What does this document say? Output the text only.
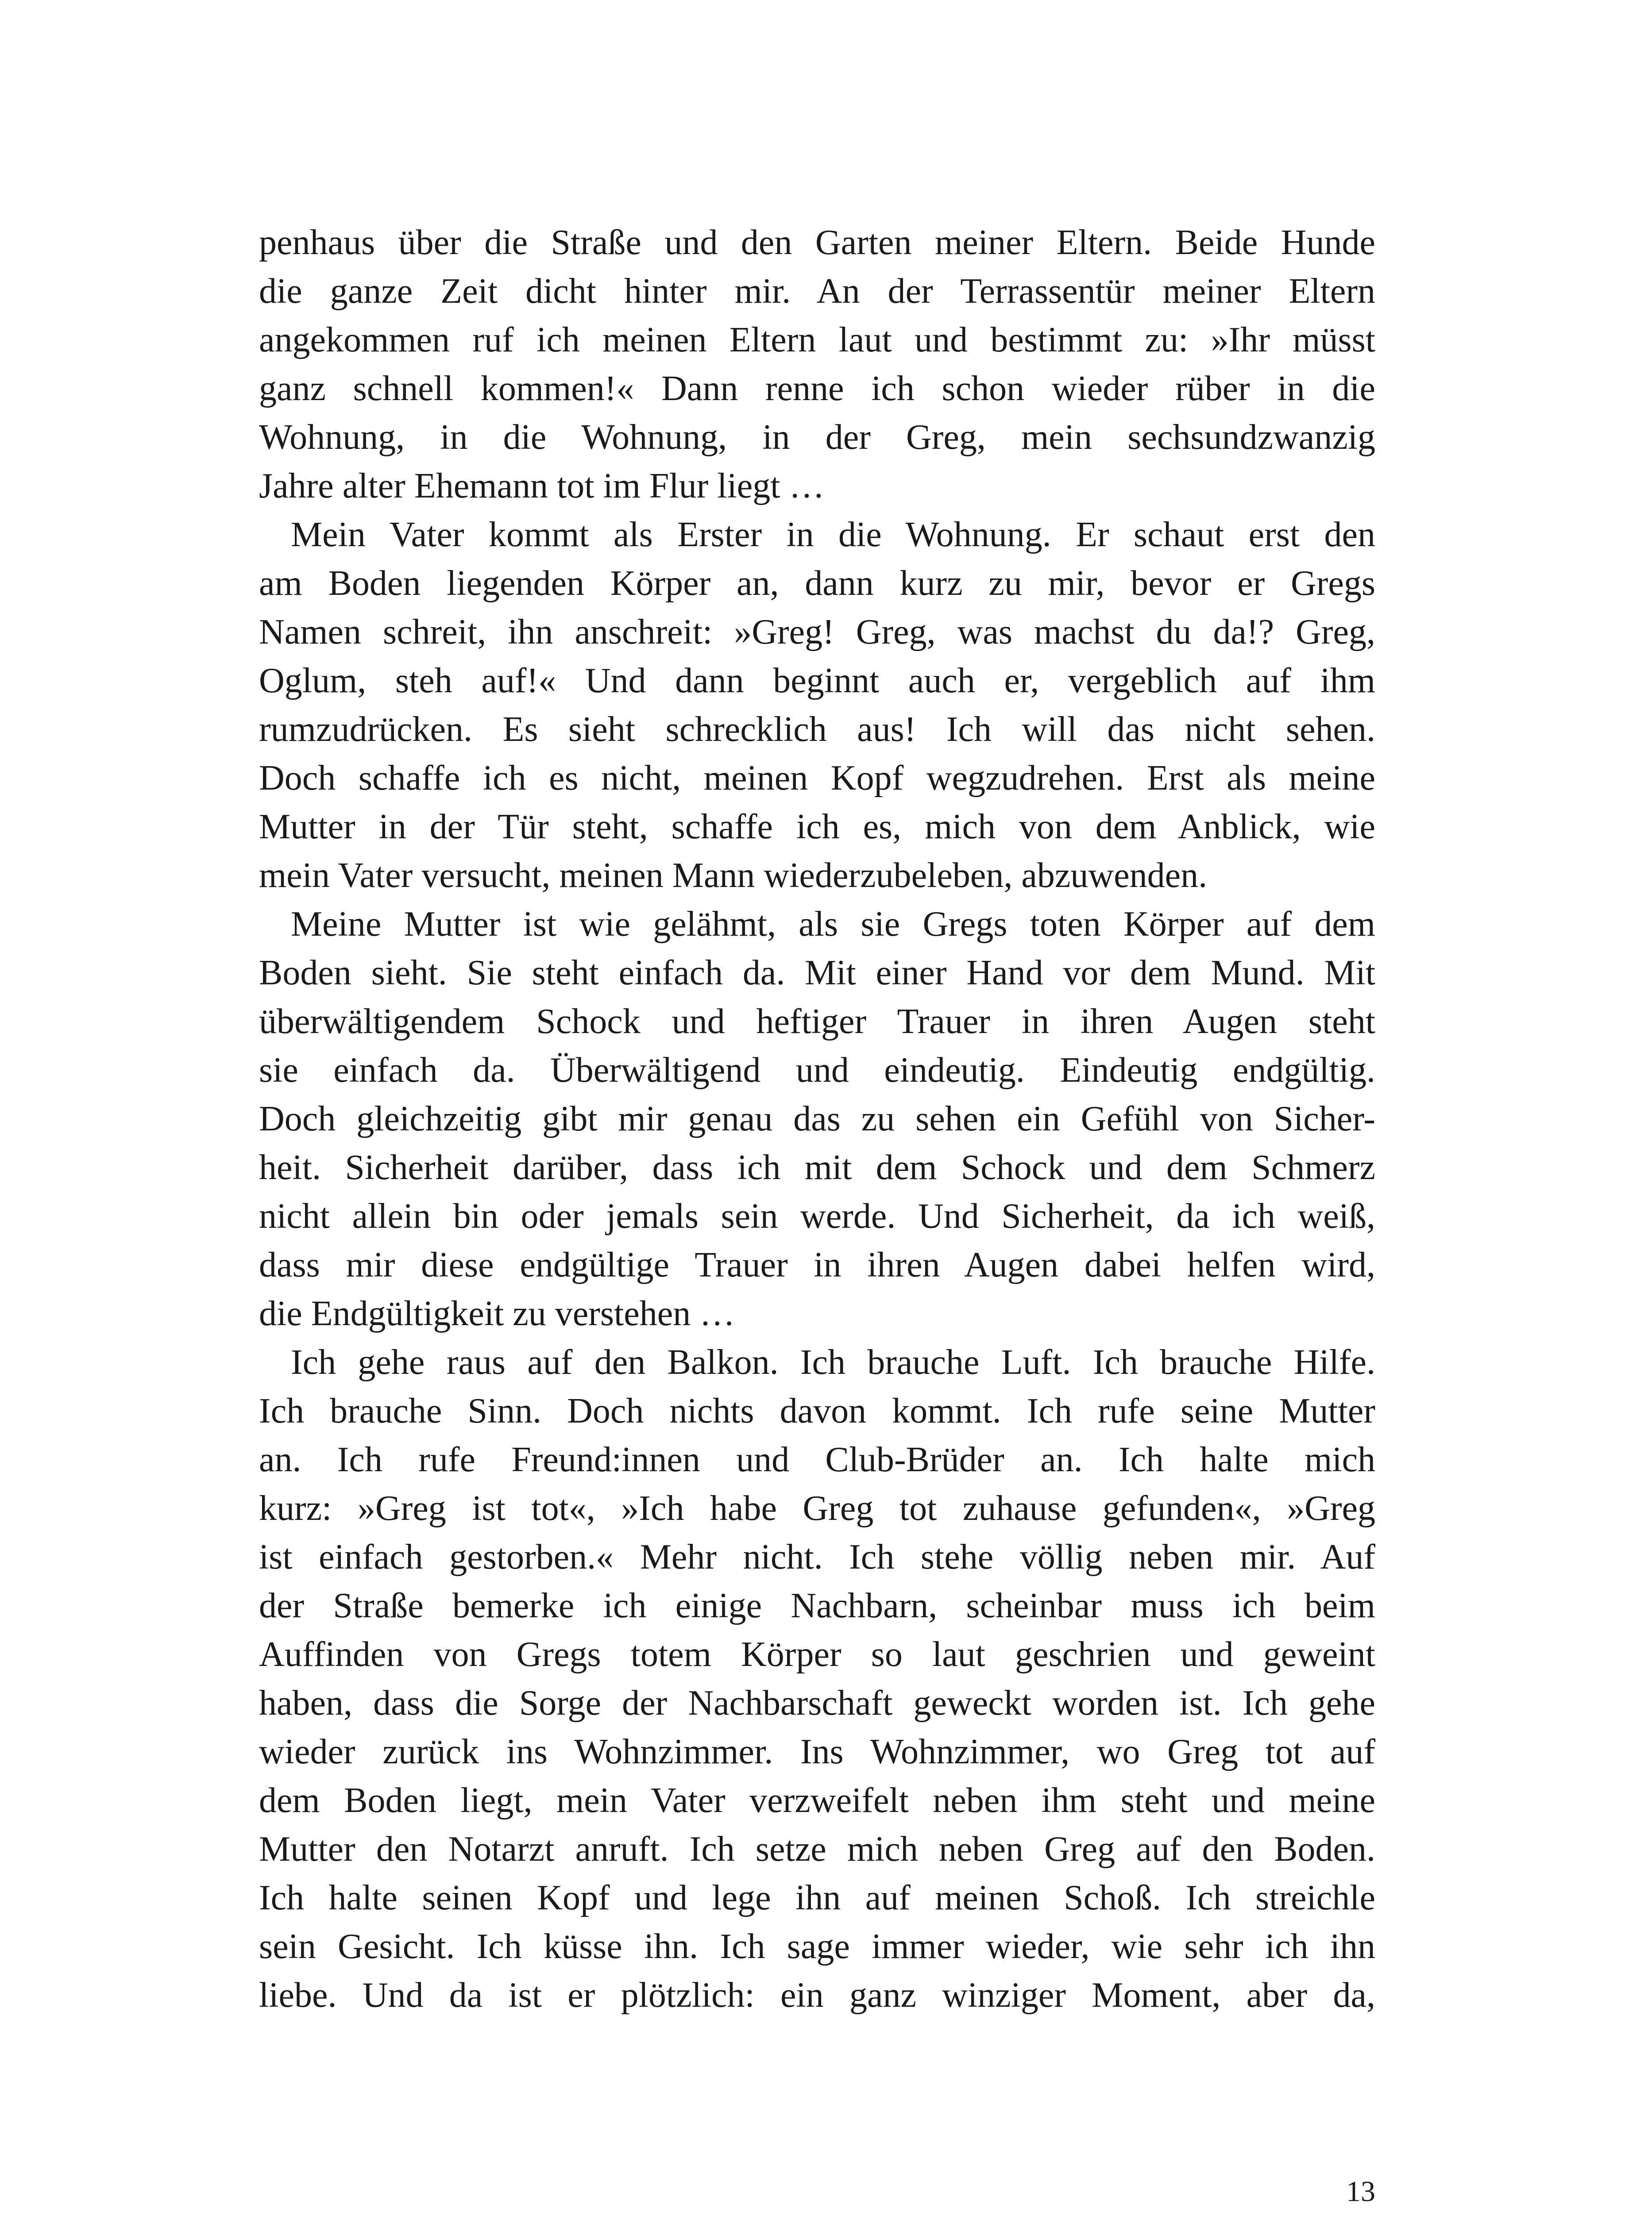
penhaus über die Straße und den Garten meiner Eltern. Beide Hunde
die ganze Zeit dicht hinter mir. An der Terrassentür meiner Eltern
angekommen ruf ich meinen Eltern laut und bestimmt zu: »Ihr müsst
ganz schnell kommen!« Dann renne ich schon wieder rüber in die
Wohnung, in die Wohnung, in der Greg, mein sechsundzwanzig
Jahre alter Ehemann tot im Flur liegt …
Mein Vater kommt als Erster in die Wohnung. Er schaut erst den
am Boden liegenden Körper an, dann kurz zu mir, bevor er Gregs
Namen schreit, ihn anschreit: »Greg! Greg, was machst du da!? Greg,
Oglum, steh auf!« Und dann beginnt auch er, vergeblich auf ihm
rumzudrücken. Es sieht schrecklich aus! Ich will das nicht sehen.
Doch schaffe ich es nicht, meinen Kopf wegzudrehen. Erst als meine
Mutter in der Tür steht, schaffe ich es, mich von dem Anblick, wie
mein Vater versucht, meinen Mann wiederzubeleben, abzuwenden.
Meine Mutter ist wie gelähmt, als sie Gregs toten Körper auf dem
Boden sieht. Sie steht einfach da. Mit einer Hand vor dem Mund. Mit
überwältigendem Schock und heftiger Trauer in ihren Augen steht
sie einfach da. Überwältigend und eindeutig. Eindeutig endgültig.
Doch gleichzeitig gibt mir genau das zu sehen ein Gefühl von Sicher-
heit. Sicherheit darüber, dass ich mit dem Schock und dem Schmerz
nicht allein bin oder jemals sein werde. Und Sicherheit, da ich weiß,
dass mir diese endgültige Trauer in ihren Augen dabei helfen wird,
die Endgültigkeit zu verstehen …
Ich gehe raus auf den Balkon. Ich brauche Luft. Ich brauche Hilfe.
Ich brauche Sinn. Doch nichts davon kommt. Ich rufe seine Mutter
an. Ich rufe Freund:innen und Club-Brüder an. Ich halte mich
kurz: »Greg ist tot«, »Ich habe Greg tot zuhause gefunden«, »Greg
ist einfach gestorben.« Mehr nicht. Ich stehe völlig neben mir. Auf
der Straße bemerke ich einige Nachbarn, scheinbar muss ich beim
Auffinden von Gregs totem Körper so laut geschrien und geweint
haben, dass die Sorge der Nachbarschaft geweckt worden ist. Ich gehe
wieder zurück ins Wohnzimmer. Ins Wohnzimmer, wo Greg tot auf
dem Boden liegt, mein Vater verzweifelt neben ihm steht und meine
Mutter den Notarzt anruft. Ich setze mich neben Greg auf den Boden.
Ich halte seinen Kopf und lege ihn auf meinen Schoß. Ich streichle
sein Gesicht. Ich küsse ihn. Ich sage immer wieder, wie sehr ich ihn
liebe. Und da ist er plötzlich: ein ganz winziger Moment, aber da,
13
